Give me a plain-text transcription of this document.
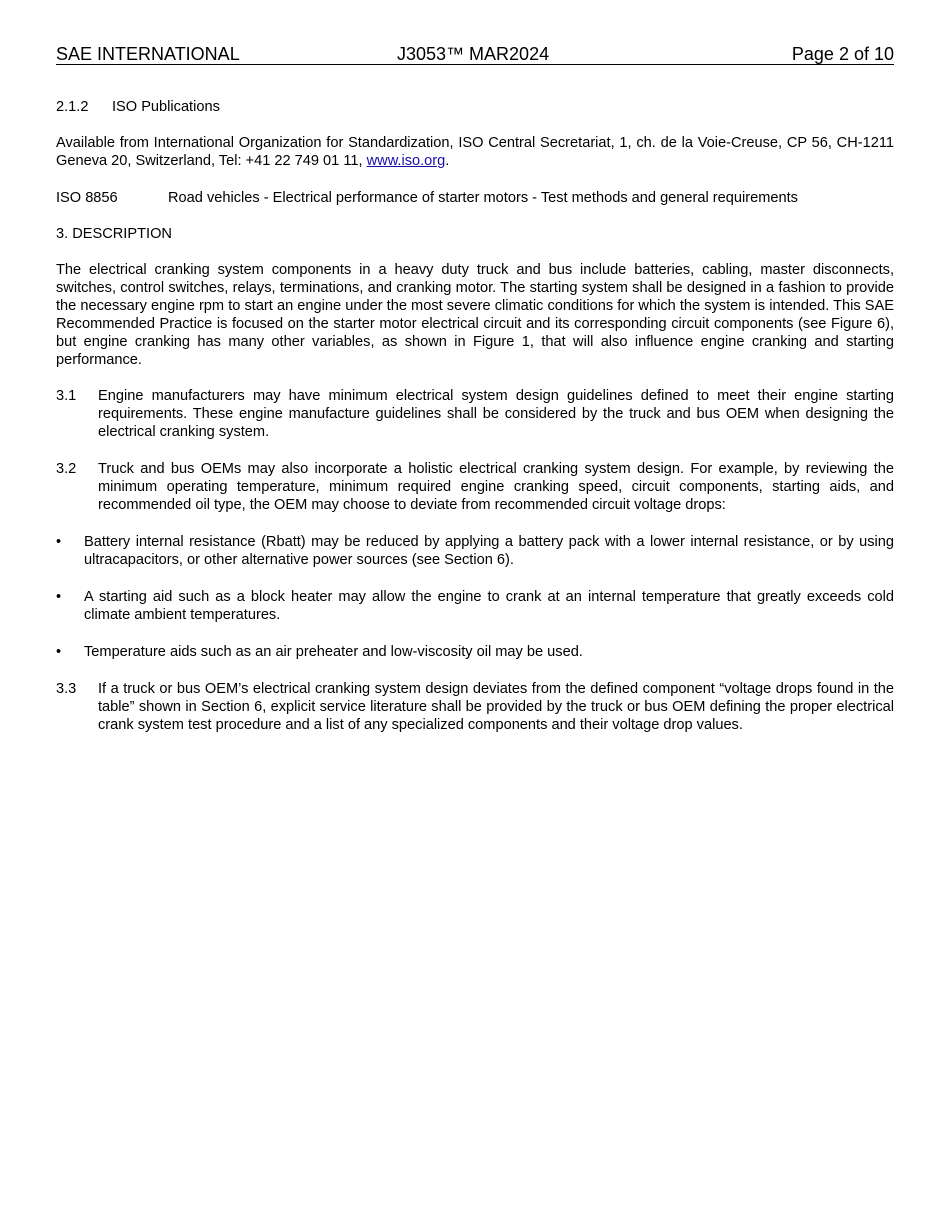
SAE INTERNATIONAL	J3053™ MAR2024	Page 2 of 10
2.1.2 ISO Publications
Available from International Organization for Standardization, ISO Central Secretariat, 1, ch. de la Voie-Creuse, CP 56, CH-1211 Geneva 20, Switzerland, Tel: +41 22 749 01 11, www.iso.org.
ISO 8856	Road vehicles - Electrical performance of starter motors - Test methods and general requirements
3. DESCRIPTION
The electrical cranking system components in a heavy duty truck and bus include batteries, cabling, master disconnects, switches, control switches, relays, terminations, and cranking motor. The starting system shall be designed in a fashion to provide the necessary engine rpm to start an engine under the most severe climatic conditions for which the system is intended. This SAE Recommended Practice is focused on the starter motor electrical circuit and its corresponding circuit components (see Figure 6), but engine cranking has many other variables, as shown in Figure 1, that will also influence engine cranking and starting performance.
3.1 Engine manufacturers may have minimum electrical system design guidelines defined to meet their engine starting requirements. These engine manufacture guidelines shall be considered by the truck and bus OEM when designing the electrical cranking system.
3.2 Truck and bus OEMs may also incorporate a holistic electrical cranking system design. For example, by reviewing the minimum operating temperature, minimum required engine cranking speed, circuit components, starting aids, and recommended oil type, the OEM may choose to deviate from recommended circuit voltage drops:
• Battery internal resistance (Rbatt) may be reduced by applying a battery pack with a lower internal resistance, or by using ultracapacitors, or other alternative power sources (see Section 6).
• A starting aid such as a block heater may allow the engine to crank at an internal temperature that greatly exceeds cold climate ambient temperatures.
• Temperature aids such as an air preheater and low-viscosity oil may be used.
3.3 If a truck or bus OEM’s electrical cranking system design deviates from the defined component “voltage drops found in the table” shown in Section 6, explicit service literature shall be provided by the truck or bus OEM defining the proper electrical crank system test procedure and a list of any specialized components and their voltage drop values.
